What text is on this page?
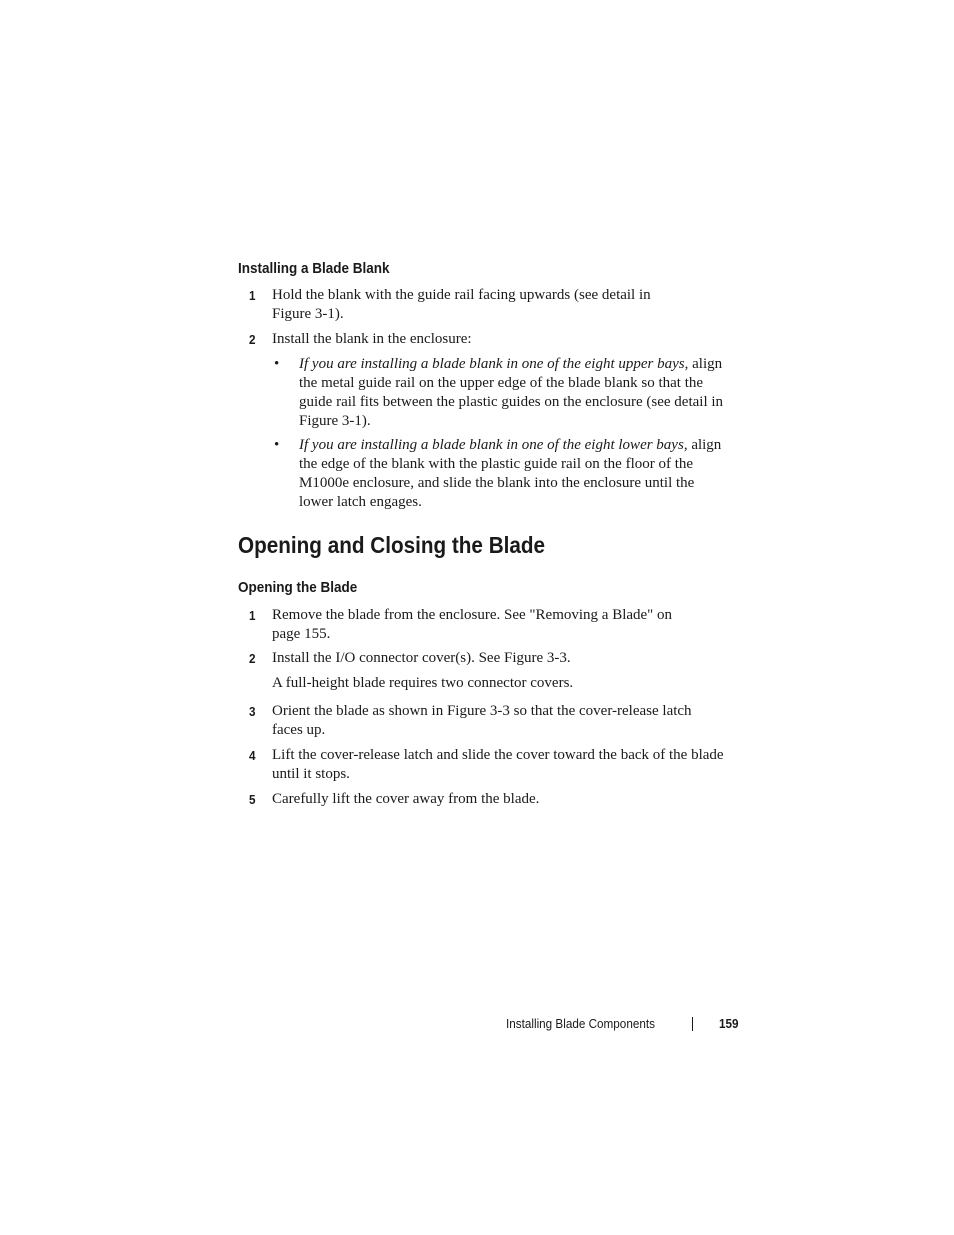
Installing a Blade Blank
1 Hold the blank with the guide rail facing upwards (see detail in
Figure 3-1).
2 Install the blank in the enclosure:
• If you are installing a blade blank in one of the eight upper bays, align
the metal guide rail on the upper edge of the blade blank so that the
guide rail fits between the plastic guides on the enclosure (see detail in
Figure 3-1).
• If you are installing a blade blank in one of the eight lower bays, align
the edge of the blank with the plastic guide rail on the floor of the
M1000e enclosure, and slide the blank into the enclosure until the
lower latch engages.
Opening and Closing the Blade
Opening the Blade
1 Remove the blade from the enclosure. See "Removing a Blade" on
page 155.
2 Install the I/O connector cover(s). See Figure 3-3.
A full-height blade requires two connector covers.
3 Orient the blade as shown in Figure 3-3 so that the cover-release latch
faces up.
4 Lift the cover-release latch and slide the cover toward the back of the blade
until it stops.
5 Carefully lift the cover away from the blade.
Installing Blade Components	159
